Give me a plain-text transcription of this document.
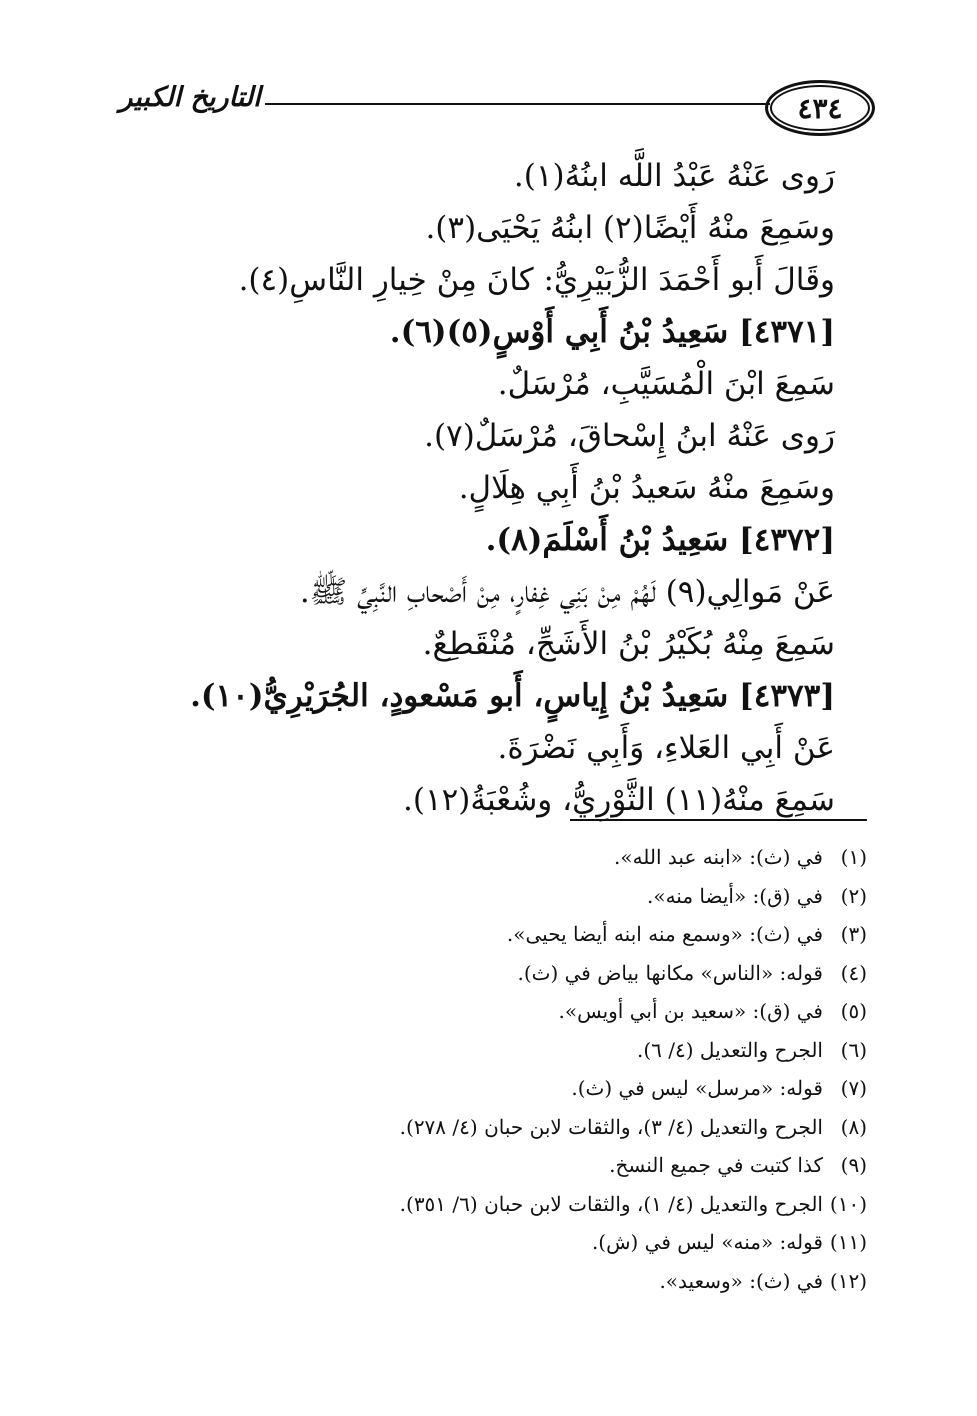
٤٣٤
التاريخ الكبير
رَوى عَنْهُ عَبْدُ اللَّه ابنُهُ(١).
وسَمِعَ منْهُ أَيْضًا(٢) ابنُهُ يَحْيَى(٣).
وقَالَ أَبو أَحْمَدَ الزُّبَيْرِيُّ: كانَ مِنْ خِيارِ النَّاسِ(٤).
[٤٣٧١] سَعِيدُ بْنُ أَبِي أَوْسٍ(٥)(٦).
سَمِعَ ابْنَ الْمُسَيَّبِ، مُرْسَلٌ.
رَوى عَنْهُ ابنُ إِسْحاقَ، مُرْسَلٌ(٧).
وسَمِعَ منْهُ سَعيدُ بْنُ أَبِي هِلَالٍ.
[٤٣٧٢] سَعِيدُ بْنُ أَسْلَمَ(٨).
عَنْ مَوالِي(٩) لَهُمْ مِنْ بَنِي غِفارٍ، مِنْ أَصْحابِ النَّبِيِّ ﷺ.
سَمِعَ مِنْهُ بُكَيْرُ بْنُ الأَشَجِّ، مُنْقَطِعٌ.
[٤٣٧٣] سَعِيدُ بْنُ إِياسٍ، أَبو مَسْعودٍ، الجُرَيْرِيُّ(١٠).
عَنْ أَبِي العَلاءِ، وَأَبِي نَضْرَةَ.
سَمِعَ منْهُ(١١) الثَّوْرِيُّ، وشُعْبَةُ(١٢).
(١)في (ث): «ابنه عبد الله».
(٢)في (ق): «أيضا منه».
(٣)في (ث): «وسمع منه ابنه أيضا يحيى».
(٤)قوله: «الناس» مكانها بياض في (ث).
(٥)في (ق): «سعيد بن أبي أويس».
(٦)الجرح والتعديل (٤/ ٦).
(٧)قوله: «مرسل» ليس في (ث).
(٨)الجرح والتعديل (٤/ ٣)، والثقات لابن حبان (٤/ ٢٧٨).
(٩)كذا كتبت في جميع النسخ.
(١٠)الجرح والتعديل (٤/ ١)، والثقات لابن حبان (٦/ ٣٥١).
(١١)قوله: «منه» ليس في (ش).
(١٢)في (ث): «وسعيد».
